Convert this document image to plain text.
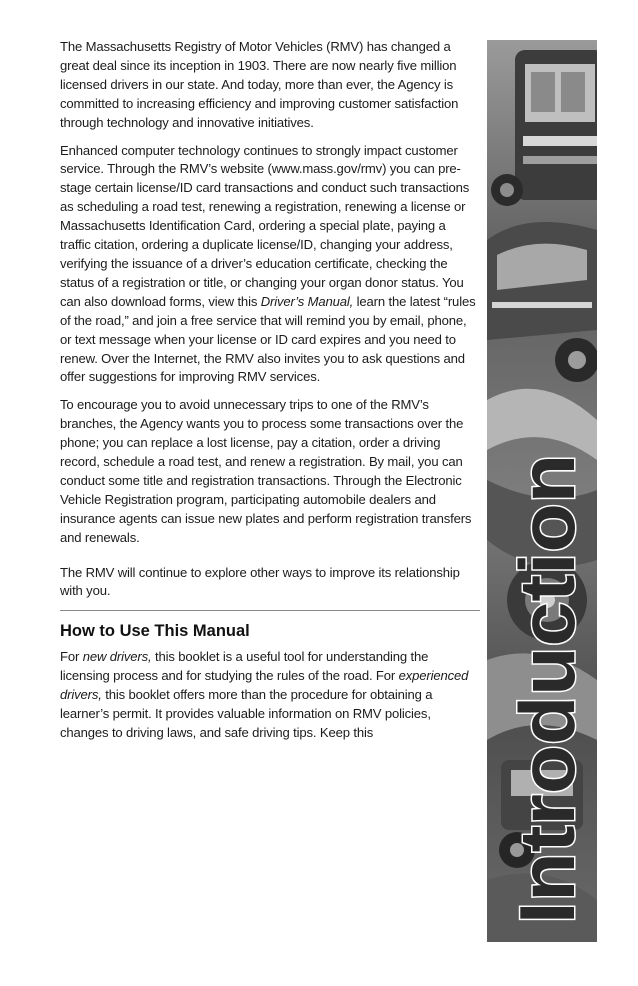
The Massachusetts Registry of Motor Vehicles (RMV) has changed a great deal since its inception in 1903. There are now nearly five million licensed drivers in our state. And today, more than ever, the Agency is committed to increasing efficiency and improving customer satisfaction through technology and innovative initiatives.

Enhanced computer technology continues to strongly impact customer service. Through the RMV’s website (www.mass.gov/rmv) you can pre-stage certain license/ID card transactions and conduct such transactions as scheduling a road test, renewing a registration, renewing a license or Massachusetts Identification Card, ordering a special plate, paying a traffic citation, ordering a duplicate license/ID, changing your address, verifying the issuance of a driver’s education certificate, checking the status of a registration or title, or changing your organ donor status. You can also download forms, view this Driver’s Manual, learn the latest “rules of the road,” and join a free service that will remind you by email, phone, or text message when your license or ID card expires and you need to renew. Over the Internet, the RMV also invites you to ask questions and offer suggestions for improving RMV services.

To encourage you to avoid unnecessary trips to one of the RMV’s branches, the Agency wants you to process some transactions over the phone; you can replace a lost license, pay a citation, order a driving record, schedule a road test, and renew a registration. By mail, you can conduct some title and registration transactions. Through the Electronic Vehicle Registration program, participating automobile dealers and insurance agents can issue new plates and perform registration transfers and renewals.

The RMV will continue to explore other ways to improve its relationship with you.

How to Use This Manual

For new drivers, this booklet is a useful tool for understanding the licensing process and for studying the rules of the road. For experienced drivers, this booklet offers more than the procedure for obtaining a learner’s permit. It provides valuable information on RMV policies, changes to driving laws, and safe driving tips. Keep this	Introduction
